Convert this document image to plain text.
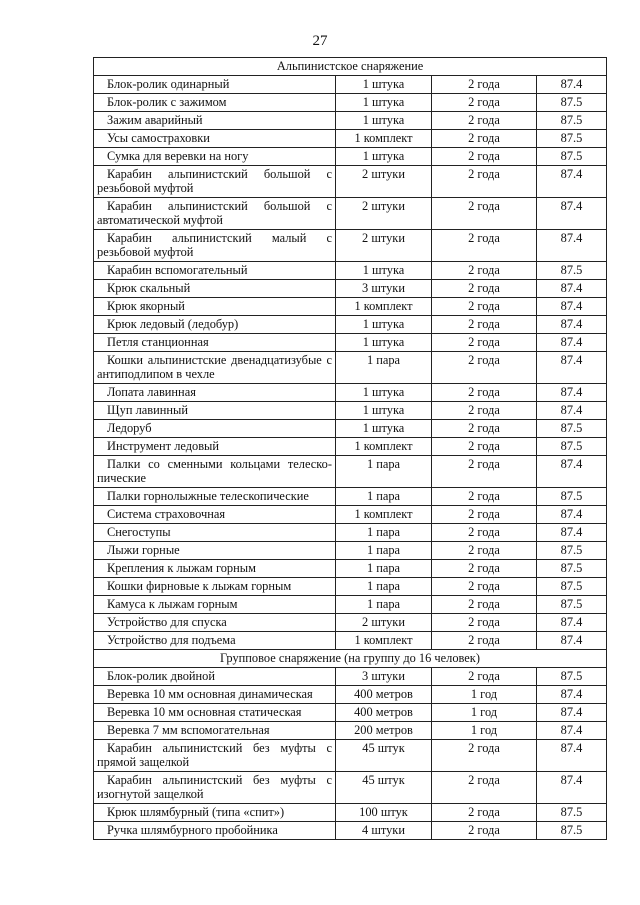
27
Альпинистское снаряжение			
Блок-ролик одинарный	1 штука	2 года	87.4
Блок-ролик с зажимом	1 штука	2 года	87.5
Зажим аварийный	1 штука	2 года	87.5
Усы самостраховки	1 комплект	2 года	87.5
Сумка для веревки на ногу	1 штука	2 года	87.5
Карабин альпинистский большой с резьбовой муфтой	2 штуки	2 года	87.4
Карабин альпинистский большой с автоматической муфтой	2 штуки	2 года	87.4
Карабин альпинистский малый с резьбовой муфтой	2 штуки	2 года	87.4
Карабин вспомогательный	1 штука	2 года	87.5
Крюк скальный	3 штуки	2 года	87.4
Крюк якорный	1 комплект	2 года	87.4
Крюк ледовый (ледобур)	1 штука	2 года	87.4
Петля станционная	1 штука	2 года	87.4
Кошки альпинистские двенадцатизубые с антиподлипом в чехле	1 пара	2 года	87.4
Лопата лавинная	1 штука	2 года	87.4
Щуп лавинный	1 штука	2 года	87.4
Ледоруб	1 штука	2 года	87.5
Инструмент ледовый	1 комплект	2 года	87.5
Палки со сменными кольцами телеско-пические	1 пара	2 года	87.4
Палки горнолыжные телескопические	1 пара	2 года	87.5
Система страховочная	1 комплект	2 года	87.4
Снегоступы	1 пара	2 года	87.4
Лыжи горные	1 пара	2 года	87.5
Крепления к лыжам горным	1 пара	2 года	87.5
Кошки фирновые к лыжам горным	1 пара	2 года	87.5
Камуса к лыжам горным	1 пара	2 года	87.5
Устройство для спуска	2 штуки	2 года	87.4
Устройство для подъема	1 комплект	2 года	87.4
Групповое снаряжение (на группу до 16 человек)			
Блок-ролик двойной	3 штуки	2 года	87.5
Веревка 10 мм основная динамическая	400 метров	1 год	87.4
Веревка 10 мм основная статическая	400 метров	1 год	87.4
Веревка 7 мм вспомогательная	200 метров	1 год	87.4
Карабин альпинистский без муфты с прямой защелкой	45 штук	2 года	87.4
Карабин альпинистский без муфты с изогнутой защелкой	45 штук	2 года	87.4
Крюк шлямбурный (типа «спит»)	100 штук	2 года	87.5
Ручка шлямбурного пробойника	4 штуки	2 года	87.5
